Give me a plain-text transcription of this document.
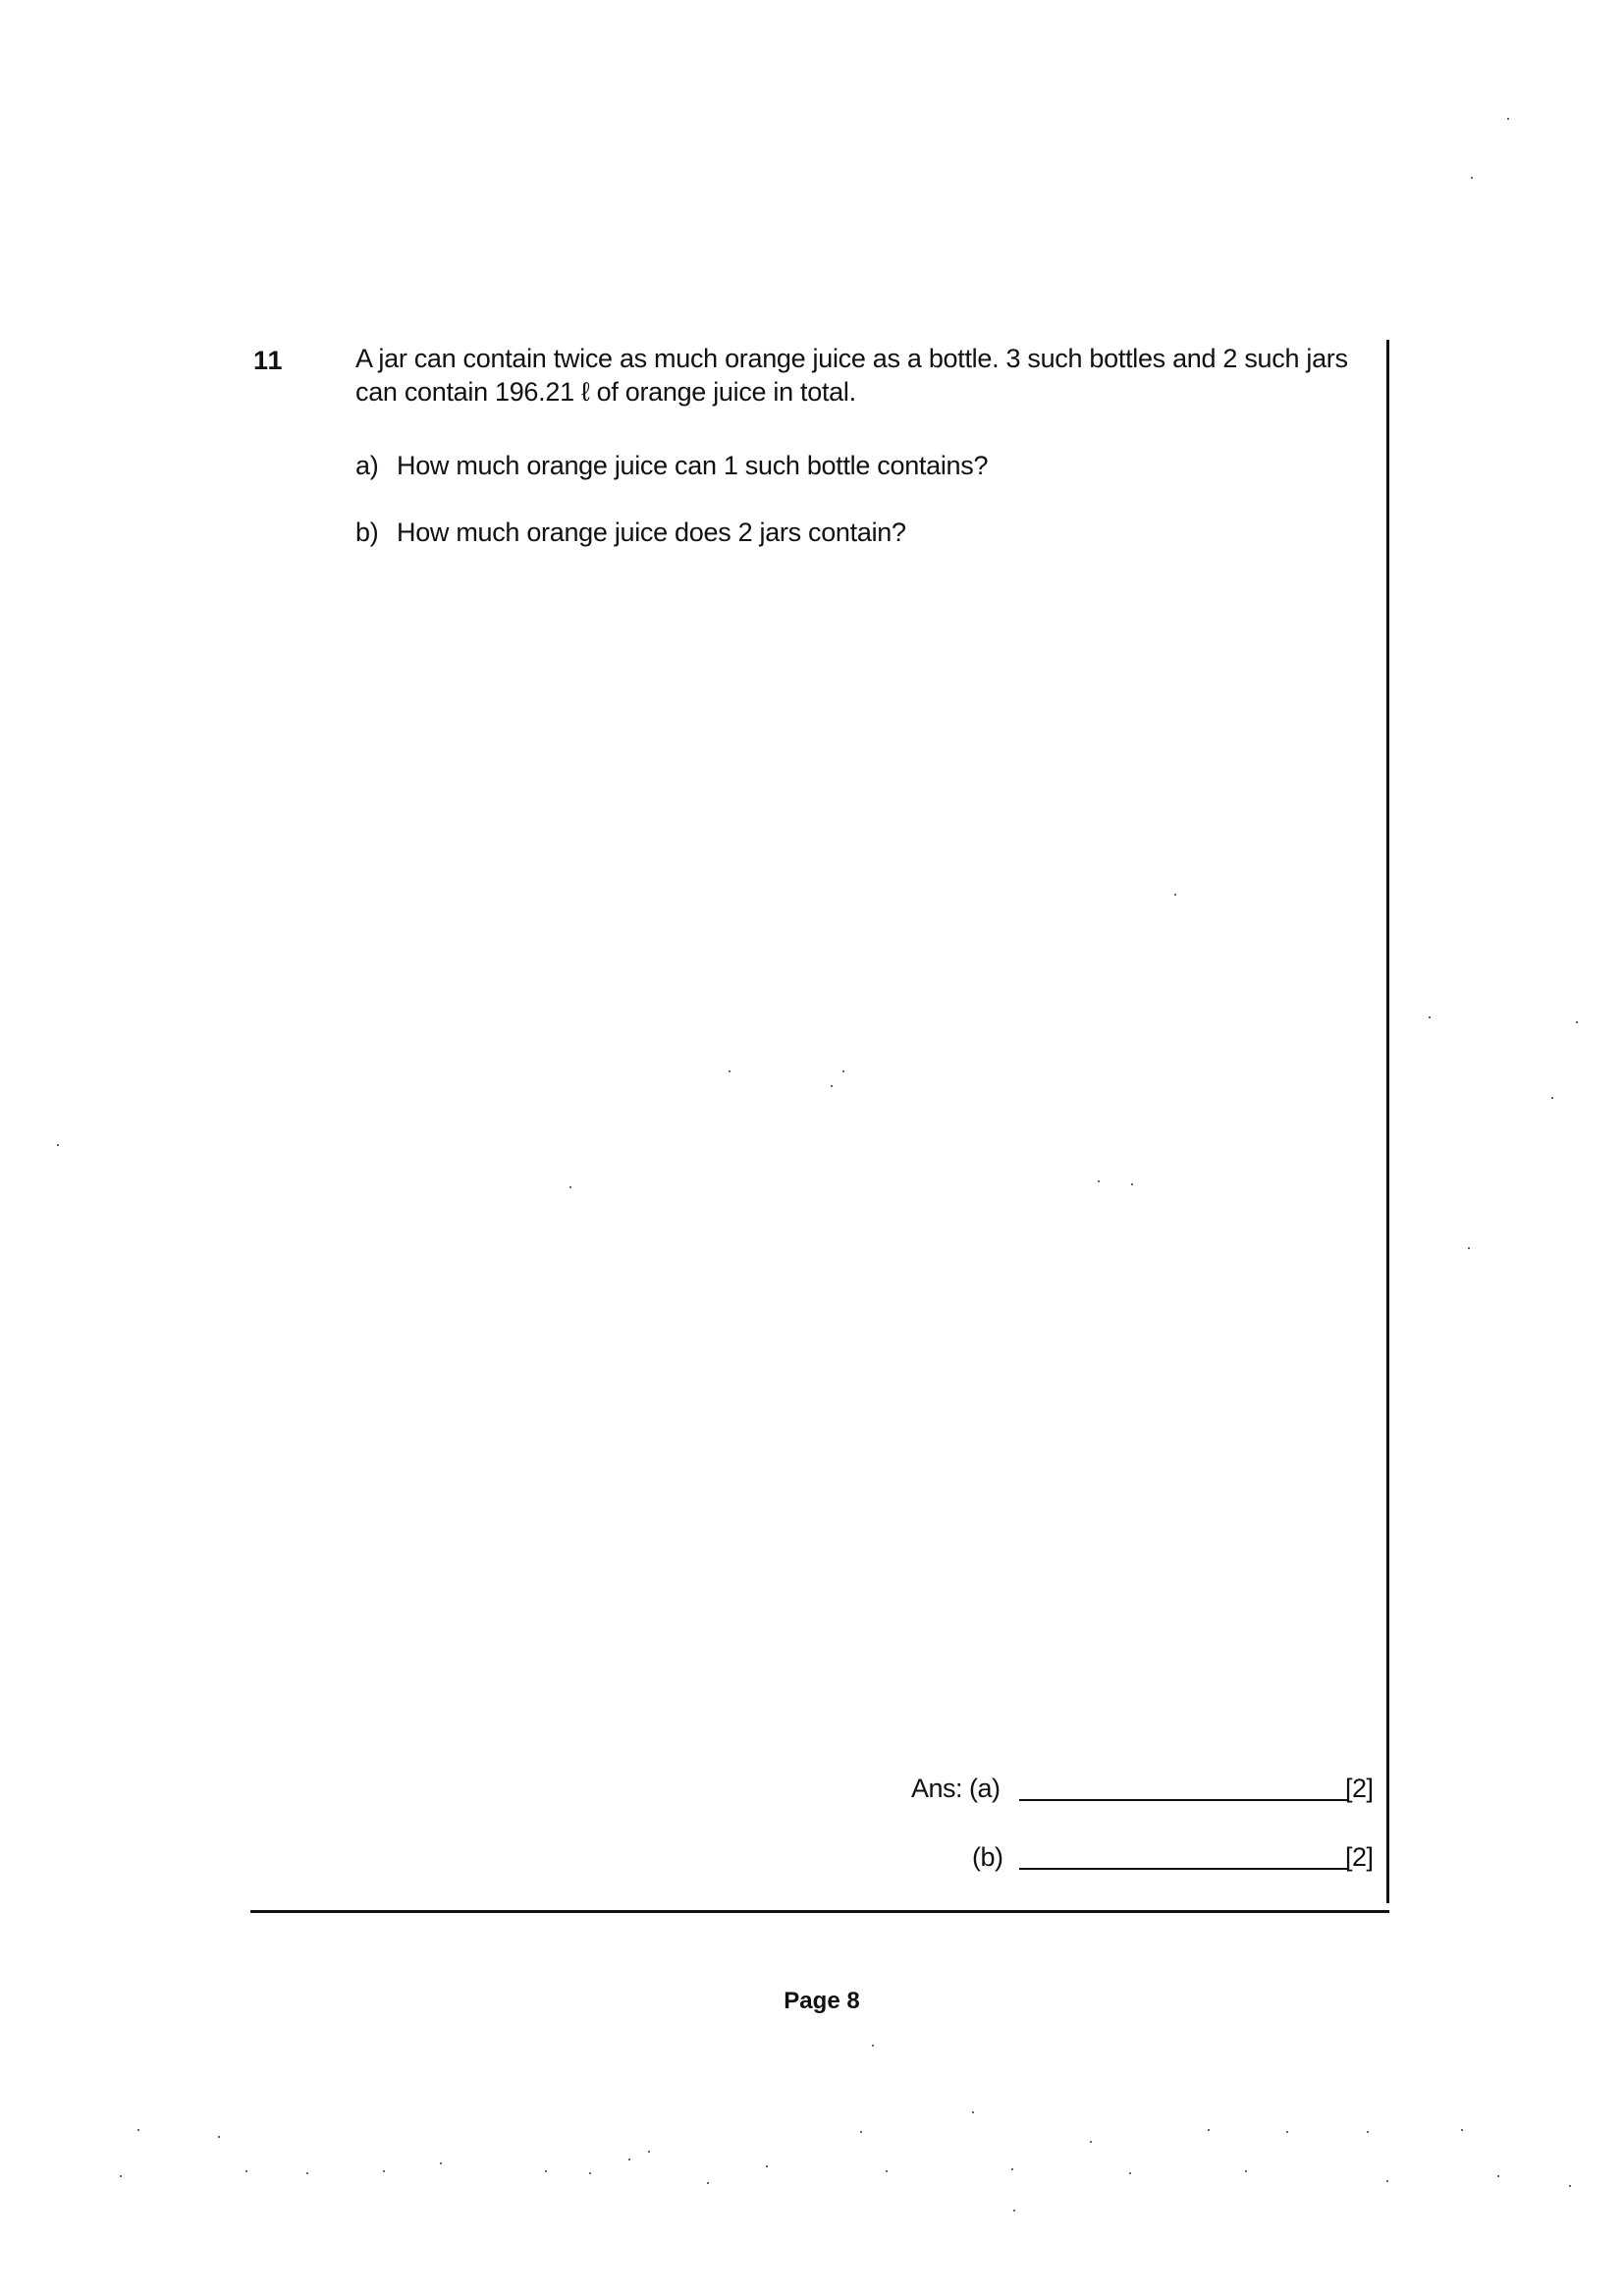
11	A jar can contain twice as much orange juice as a bottle. 3 such bottles and 2 such jars can contain 196.21 ℓ of orange juice in total.
a) How much orange juice can 1 such bottle contains?
b) How much orange juice does 2 jars contain?
Ans: (a)	[2]
(b)	[2]
Page 8
